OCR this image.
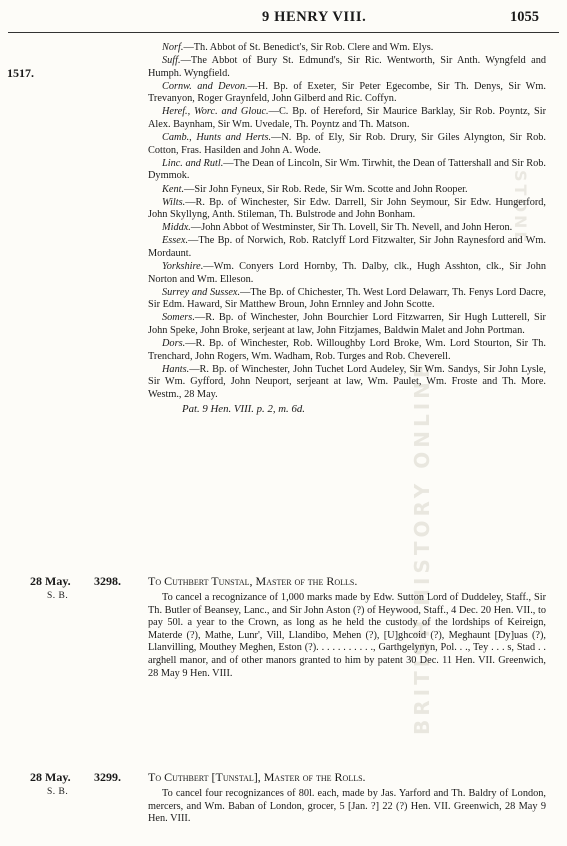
BRITISH HISTORY ONLINE
STONE
9 HENRY VIII.	1055
1517.

Norf.—Th. Abbot of St. Benedict's, Sir Rob. Clere and Wm. Elys.

Suff.—The Abbot of Bury St. Edmund's, Sir Ric. Wentworth, Sir Anth. Wyngfeld and Humph. Wyngfield.

Cornw. and Devon.—H. Bp. of Exeter, Sir Peter Egecombe, Sir Th. Denys, Sir Wm. Trevanyon, Roger Graynfeld, John Gilberd and Ric. Coffyn.

Heref., Worc. and Glouc.—C. Bp. of Hereford, Sir Maurice Barklay, Sir Rob. Poyntz, Sir Alex. Baynham, Sir Wm. Uvedale, Th. Poyntz and Th. Matson.

Camb., Hunts and Herts.—N. Bp. of Ely, Sir Rob. Drury, Sir Giles Alyngton, Sir Rob. Cotton, Fras. Hasilden and John A. Wode.

Linc. and Rutl.—The Dean of Lincoln, Sir Wm. Tirwhit, the Dean of Tattershall and Sir Rob. Dymmok.

Kent.—Sir John Fyneux, Sir Rob. Rede, Sir Wm. Scotte and John Rooper.

Wilts.—R. Bp. of Winchester, Sir Edw. Darrell, Sir John Seymour, Sir Edw. Hungerford, John Skyllyng, Anth. Stileman, Th. Bulstrode and John Bonham.

Middx.—John Abbot of Westminster, Sir Th. Lovell, Sir Th. Nevell, and John Heron.

Essex.—The Bp. of Norwich, Rob. Ratclyff Lord Fitzwalter, Sir John Raynesford and Wm. Mordaunt.

Yorkshire.—Wm. Conyers Lord Hornby, Th. Dalby, clk., Hugh Asshton, clk., Sir John Norton and Wm. Elleson.

Surrey and Sussex.—The Bp. of Chichester, Th. West Lord Delawarr, Th. Fenys Lord Dacre, Sir Edm. Haward, Sir Matthew Broun, John Ernnley and John Scotte.

Somers.—R. Bp. of Winchester, John Bourchier Lord Fitzwarren, Sir Hugh Lutterell, Sir John Speke, John Broke, serjeant at law, John Fitzjames, Baldwin Malet and John Portman.

Dors.—R. Bp. of Winchester, Rob. Willoughby Lord Broke, Wm. Lord Stourton, Sir Th. Trenchard, John Rogers, Wm. Wadham, Rob. Turges and Rob. Cheverell.

Hants.—R. Bp. of Winchester, John Tuchet Lord Audeley, Sir Wm. Sandys, Sir John Lysle, Sir Wm. Gyfford, John Neuport, serjeant at law, Wm. Paulet, Wm. Froste and Th. More. Westm., 28 May.

Pat. 9 Hen. VIII. p. 2, m. 6d.

28 May. 3298.
S. B.
To Cuthbert Tunstal, Master of the Rolls.

To cancel a recognizance of 1,000 marks made by Edw. Sutton Lord of Duddeley, Staff., Sir Th. Butler of Beansey, Lanc., and Sir John Aston (?) of Heywood, Staff., 4 Dec. 20 Hen. VII., to pay 50l. a year to the Crown, as long as he held the custody of the lordships of Keireign, Materde (?), Mathe, Lunr', Vill, Llandibo, Mehen (?), [U]ghcoid (?), Meghaunt [Dy]uas (?), Llanvilling, Mouthey Meghen, Eston (?). . . . . . . . . . ., Garthgelynyn, Pol. . ., Tey . . . s, Stad . . arghell manor, and of other manors granted to him by patent 30 Dec. 11 Hen. VII. Greenwich, 28 May 9 Hen. VIII.

28 May. 3299.
S. B.
To Cuthbert [Tunstal], Master of the Rolls.

To cancel four recognizances of 80l. each, made by Jas. Yarford and Th. Baldry of London, mercers, and Wm. Baban of London, grocer, 5 [Jan. ?] 22 (?) Hen. VII. Greenwich, 28 May 9 Hen. VIII.
